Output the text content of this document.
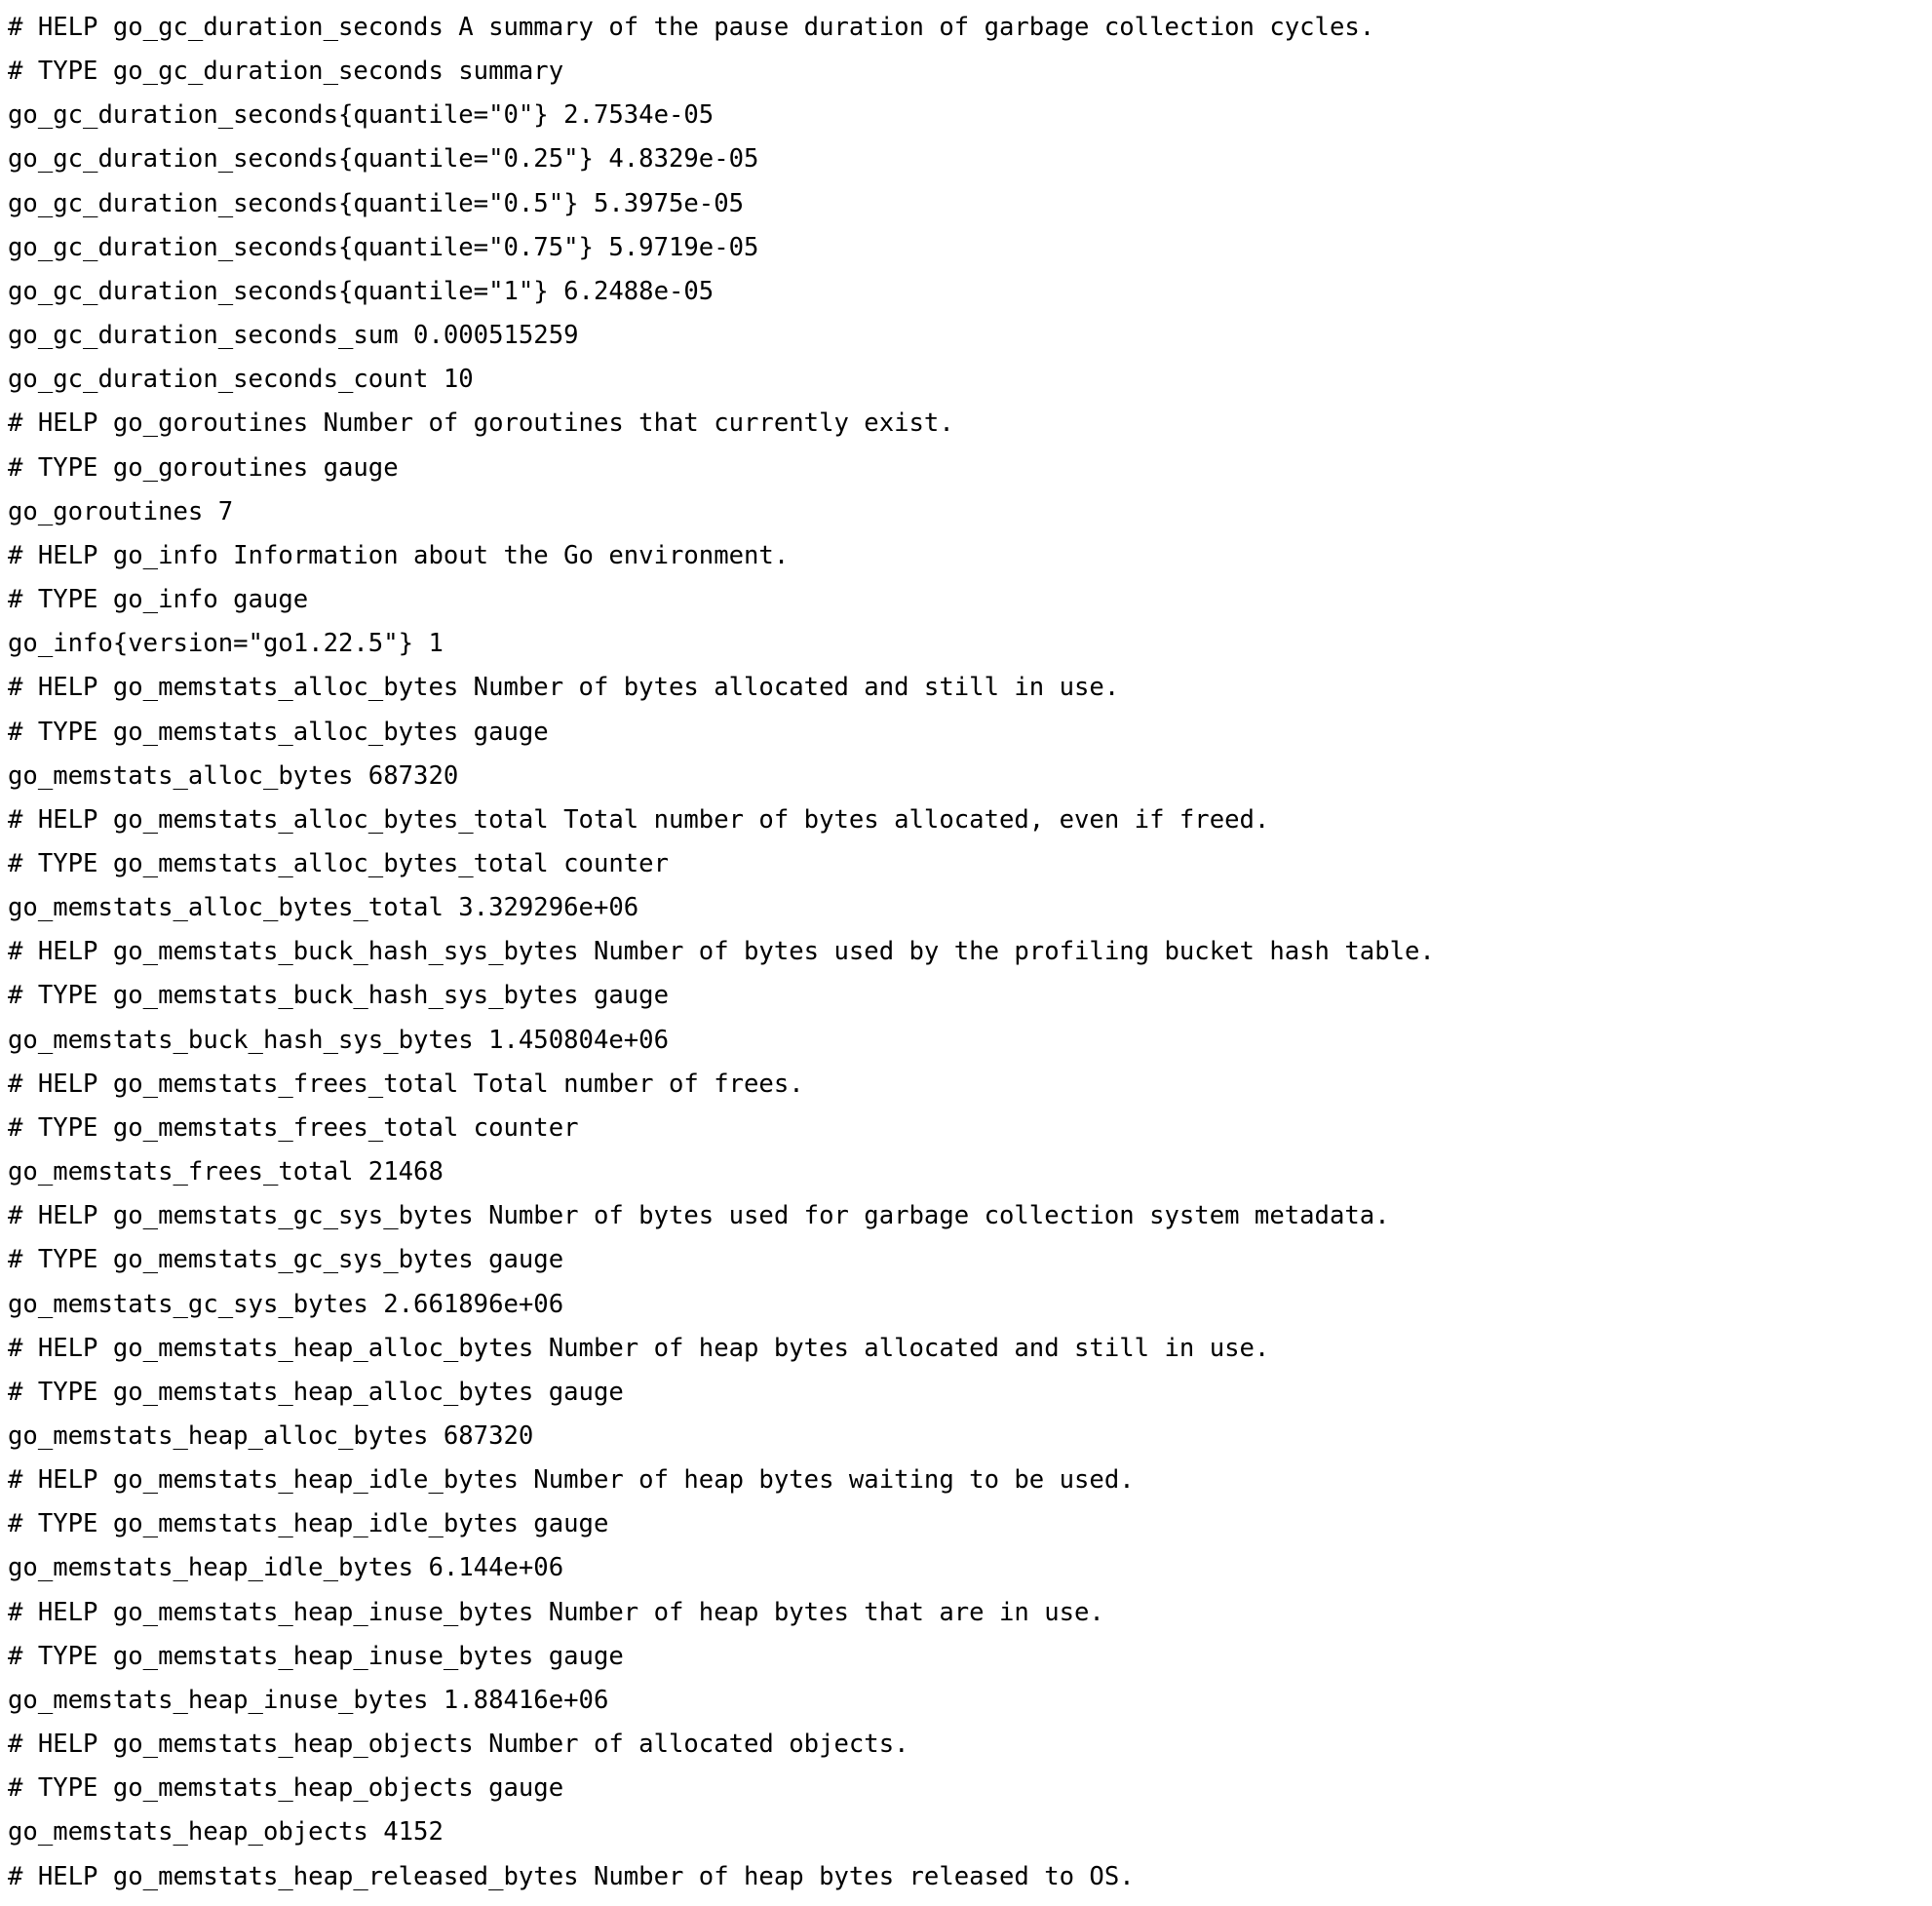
# HELP go_gc_duration_seconds A summary of the pause duration of garbage collection cycles.

# TYPE go_gc_duration_seconds summary

go_gc_duration_seconds{quantile="0"} 2.7534e-05

go_gc_duration_seconds{quantile="0.25"} 4.8329e-05

go_gc_duration_seconds{quantile="0.5"} 5.3975e-05

go_gc_duration_seconds{quantile="0.75"} 5.9719e-05

go_gc_duration_seconds{quantile="1"} 6.2488e-05

go_gc_duration_seconds_sum 0.000515259

go_gc_duration_seconds_count 10

# HELP go_goroutines Number of goroutines that currently exist.

# TYPE go_goroutines gauge

go_goroutines 7

# HELP go_info Information about the Go environment.

# TYPE go_info gauge

go_info{version="go1.22.5"} 1

# HELP go_memstats_alloc_bytes Number of bytes allocated and still in use.

# TYPE go_memstats_alloc_bytes gauge

go_memstats_alloc_bytes 687320

# HELP go_memstats_alloc_bytes_total Total number of bytes allocated, even if freed.

# TYPE go_memstats_alloc_bytes_total counter

go_memstats_alloc_bytes_total 3.329296e+06

# HELP go_memstats_buck_hash_sys_bytes Number of bytes used by the profiling bucket hash table.

# TYPE go_memstats_buck_hash_sys_bytes gauge

go_memstats_buck_hash_sys_bytes 1.450804e+06

# HELP go_memstats_frees_total Total number of frees.

# TYPE go_memstats_frees_total counter

go_memstats_frees_total 21468

# HELP go_memstats_gc_sys_bytes Number of bytes used for garbage collection system metadata.

# TYPE go_memstats_gc_sys_bytes gauge

go_memstats_gc_sys_bytes 2.661896e+06

# HELP go_memstats_heap_alloc_bytes Number of heap bytes allocated and still in use.

# TYPE go_memstats_heap_alloc_bytes gauge

go_memstats_heap_alloc_bytes 687320

# HELP go_memstats_heap_idle_bytes Number of heap bytes waiting to be used.

# TYPE go_memstats_heap_idle_bytes gauge

go_memstats_heap_idle_bytes 6.144e+06

# HELP go_memstats_heap_inuse_bytes Number of heap bytes that are in use.

# TYPE go_memstats_heap_inuse_bytes gauge

go_memstats_heap_inuse_bytes 1.88416e+06

# HELP go_memstats_heap_objects Number of allocated objects.

# TYPE go_memstats_heap_objects gauge

go_memstats_heap_objects 4152

# HELP go_memstats_heap_released_bytes Number of heap bytes released to OS.
